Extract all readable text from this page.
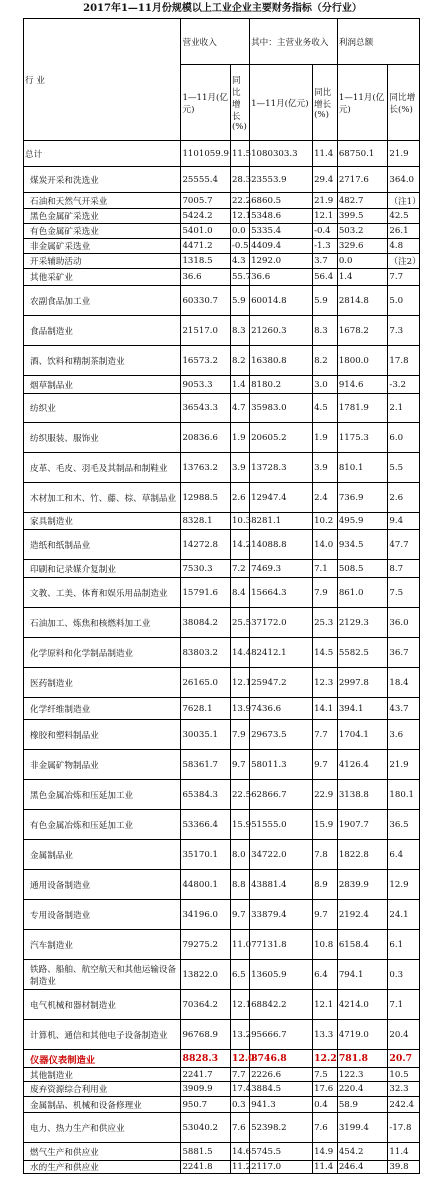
2017年1—11月份规模以上工业企业主要财务指标（分行业）
行 业	营业收入		其中：主营业务收入		利润总额	
	1—11月(亿元)	同比增长(%)	1—11月(亿元)	同比增长(%)	1—11月(亿元)	同比增长(%)
总计	1101059.9	11.5	1080303.3	11.4	68750.1	21.9
煤炭开采和洗选业	25555.4	28.3	23553.9	29.4	2717.6	364.0
石油和天然气开采业	7005.7	22.2	6860.5	21.9	482.7	（注1）
黑色金属矿采选业	5424.2	12.1	5348.6	12.1	399.5	42.5
有色金属矿采选业	5401.0	0.0	5335.4	-0.4	503.2	26.1
非金属矿采选业	4471.2	-0.5	4409.4	-1.3	329.6	4.8
开采辅助活动	1318.5	4.3	1292.0	3.7	0.0	（注2）
其他采矿业	36.6	55.7	36.6	56.4	1.4	7.7
农副食品加工业	60330.7	5.9	60014.8	5.9	2814.8	5.0
食品制造业	21517.0	8.3	21260.3	8.3	1678.2	7.3
酒、饮料和精制茶制造业	16573.2	8.2	16380.8	8.2	1800.0	17.8
烟草制品业	9053.3	1.4	8180.2	3.0	914.6	-3.2
纺织业	36543.3	4.7	35983.0	4.5	1781.9	2.1
纺织服装、服饰业	20836.6	1.9	20605.2	1.9	1175.3	6.0
皮革、毛皮、羽毛及其制品和制鞋业	13763.2	3.9	13728.3	3.9	810.1	5.5
木材加工和木、竹、藤、棕、草制品业	12988.5	2.6	12947.4	2.4	736.9	2.6
家具制造业	8328.1	10.3	8281.1	10.2	495.9	9.4
造纸和纸制品业	14272.8	14.2	14088.8	14.0	934.5	47.7
印刷和记录媒介复制业	7530.3	7.2	7469.3	7.1	508.5	8.7
文教、工美、体育和娱乐用品制造业	15791.6	8.4	15664.3	7.9	861.0	7.5
石油加工、炼焦和核燃料加工业	38084.2	25.5	37172.0	25.3	2129.3	36.0
化学原料和化学制品制造业	83803.2	14.4	82412.1	14.5	5582.5	36.7
医药制造业	26165.0	12.1	25947.2	12.3	2997.8	18.4
化学纤维制造业	7628.1	13.9	7436.6	14.1	394.1	43.7
橡胶和塑料制品业	30035.1	7.9	29673.5	7.7	1704.1	3.6
非金属矿物制品业	58361.7	9.7	58011.3	9.7	4126.4	21.9
黑色金属冶炼和压延加工业	65384.3	22.5	62866.7	22.9	3138.8	180.1
有色金属冶炼和压延加工业	53366.4	15.9	51555.0	15.9	1907.7	36.5
金属制品业	35170.1	8.0	34722.0	7.8	1822.8	6.4
通用设备制造业	44800.1	8.8	43881.4	8.9	2839.9	12.9
专用设备制造业	34196.0	9.7	33879.4	9.7	2192.4	24.1
汽车制造业	79275.2	11.0	77131.8	10.8	6158.4	6.1
铁路、船舶、航空航天和其他运输设备制造业	13822.0	6.5	13605.9	6.4	794.1	0.3
电气机械和器材制造业	70364.2	12.1	68842.2	12.1	4214.0	7.1
计算机、通信和其他电子设备制造业	96768.9	13.2	95666.7	13.3	4719.0	20.4
仪器仪表制造业	8828.3	12.0	8746.8	12.2	781.8	20.7
其他制造业	2241.7	7.7	2226.6	7.5	122.3	10.5
废弃资源综合利用业	3909.9	17.4	3884.5	17.6	220.4	32.3
金属制品、机械和设备修理业	950.7	0.3	941.3	0.4	58.9	242.4
电力、热力生产和供应业	53040.2	7.6	52398.2	7.6	3199.4	-17.8
燃气生产和供应业	5881.5	14.6	5745.5	14.9	454.2	11.4
水的生产和供应业	2241.8	11.2	2117.0	11.4	246.4	39.8
